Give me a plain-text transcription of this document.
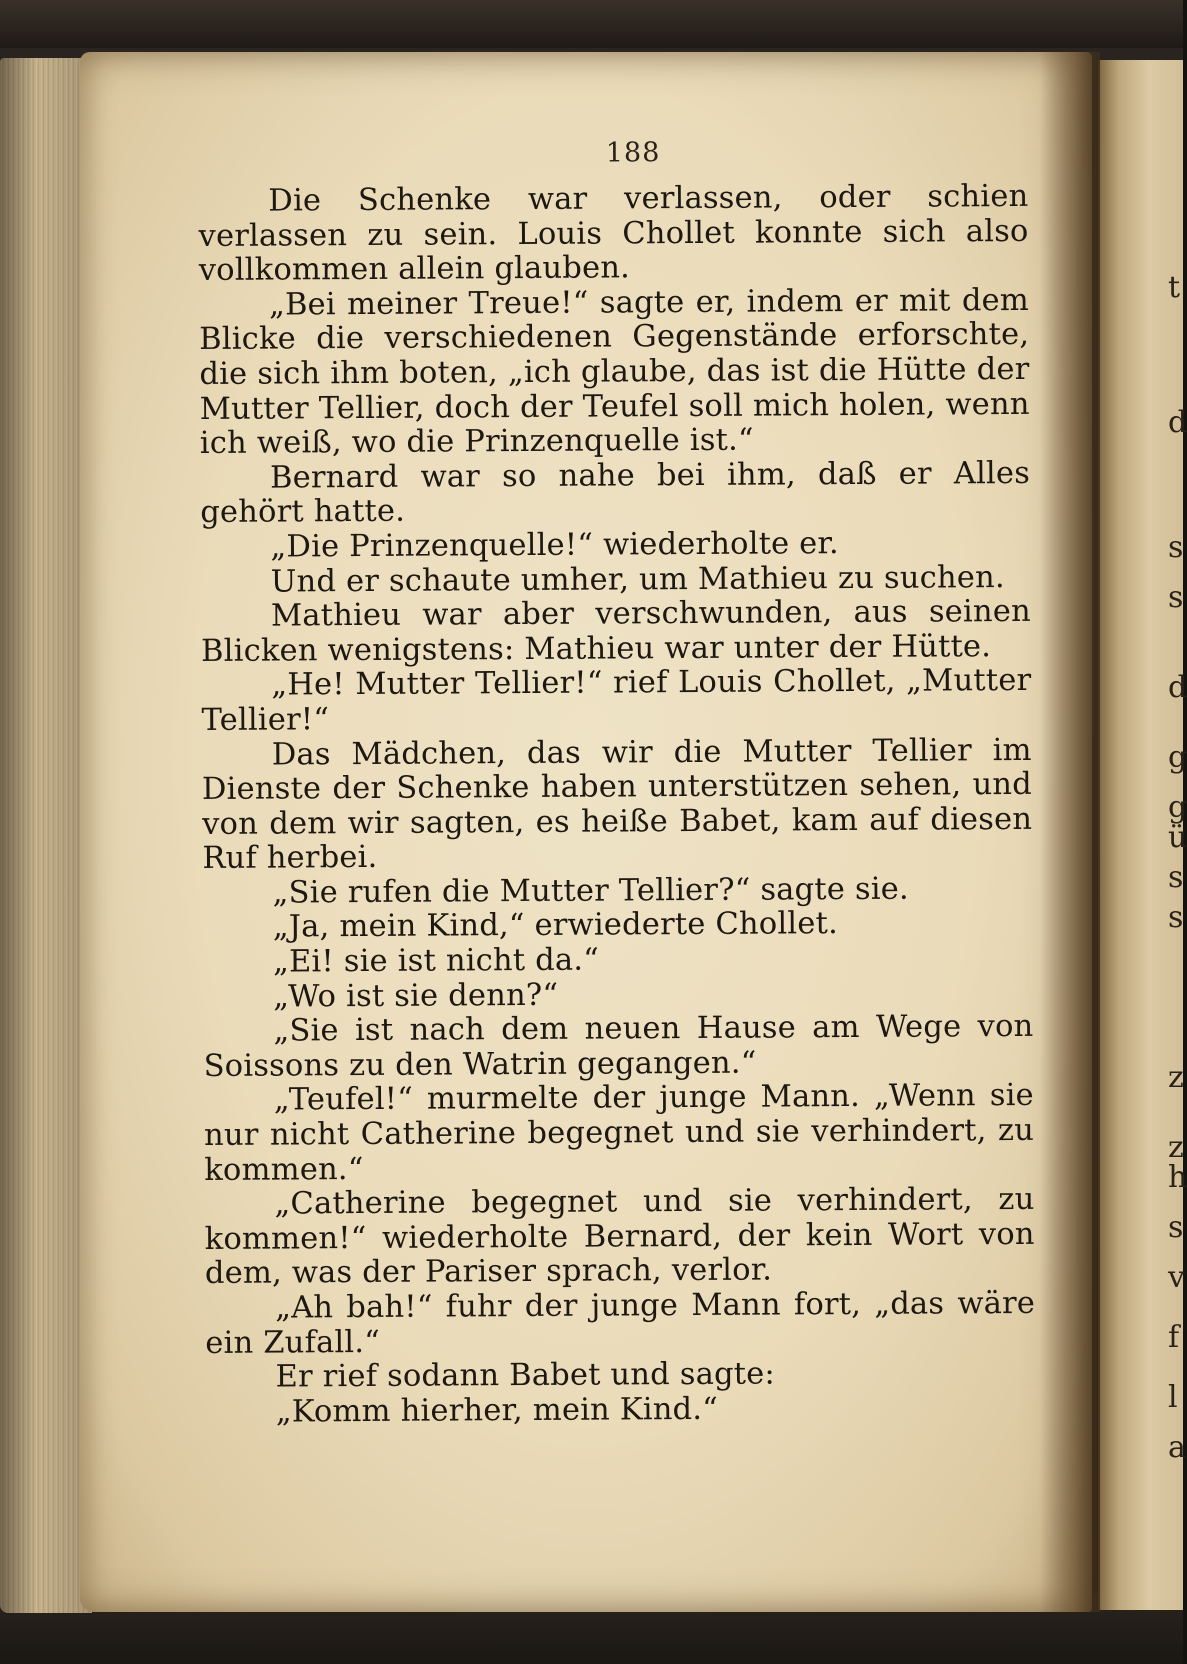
t
d
s
s
d
g
g
ü
s
s
z
z
h
s
v
f
l
a
188

Die Schenke war verlassen, oder schien verlassen zu sein. Louis Chollet konnte sich also vollkommen allein glauben.

„Bei meiner Treue!“ sagte er, indem er mit dem Blicke die verschiedenen Gegenstände erforschte, die sich ihm boten, „ich glaube, das ist die Hütte der Mutter Tellier, doch der Teufel soll mich holen, wenn ich weiß, wo die Prinzenquelle ist.“

Bernard war so nahe bei ihm, daß er Alles gehört hatte.

„Die Prinzenquelle!“ wiederholte er.

Und er schaute umher, um Mathieu zu suchen.

Mathieu war aber verschwunden, aus seinen Blicken wenigstens: Mathieu war unter der Hütte.

„He! Mutter Tellier!“ rief Louis Chollet, „Mutter Tellier!“

Das Mädchen, das wir die Mutter Tellier im Dienste der Schenke haben unterstützen sehen, und von dem wir sagten, es heiße Babet, kam auf diesen Ruf herbei.

„Sie rufen die Mutter Tellier?“ sagte sie.

„Ja, mein Kind,“ erwiederte Chollet.

„Ei! sie ist nicht da.“

„Wo ist sie denn?“

„Sie ist nach dem neuen Hause am Wege von Soissons zu den Watrin gegangen.“

„Teufel!“ murmelte der junge Mann. „Wenn sie nur nicht Catherine begegnet und sie verhindert, zu kommen.“

„Catherine begegnet und sie verhindert, zu kommen!“ wiederholte Bernard, der kein Wort von dem, was der Pariser sprach, verlor.

„Ah bah!“ fuhr der junge Mann fort, „das wäre ein Zufall.“

Er rief sodann Babet und sagte:

„Komm hierher, mein Kind.“
